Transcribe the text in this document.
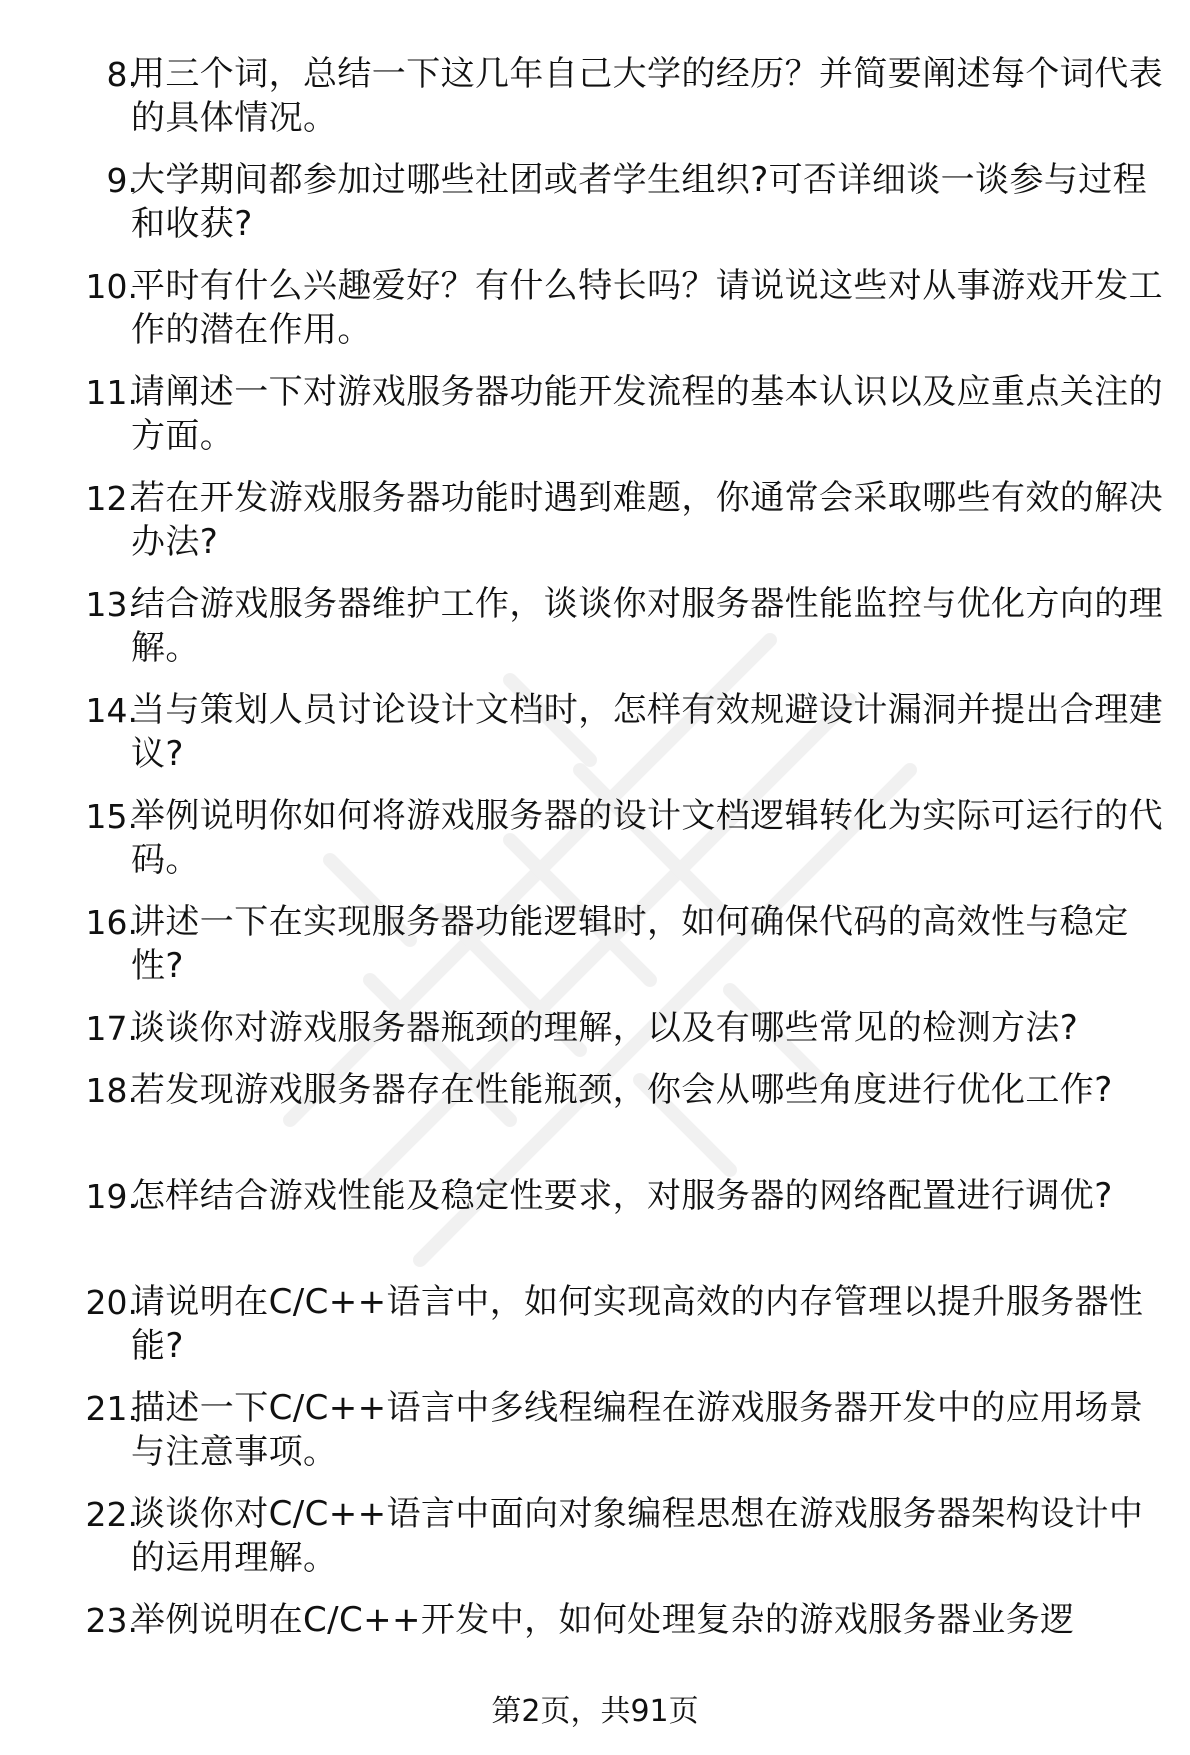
8.
用三个词，总结一下这几年自己大学的经历？并简要阐述每个词代表的具体情况。
9.
大学期间都参加过哪些社团或者学生组织?可否详细谈一谈参与过程和收获?
10.
平时有什么兴趣爱好？有什么特长吗？请说说这些对从事游戏开发工作的潜在作用。
11.
请阐述一下对游戏服务器功能开发流程的基本认识以及应重点关注的方面。
12.
若在开发游戏服务器功能时遇到难题，你通常会采取哪些有效的解决办法?
13.
结合游戏服务器维护工作，谈谈你对服务器性能监控与优化方向的理解。
14.
当与策划人员讨论设计文档时，怎样有效规避设计漏洞并提出合理建议?
15.
举例说明你如何将游戏服务器的设计文档逻辑转化为实际可运行的代码。
16.
讲述一下在实现服务器功能逻辑时，如何确保代码的高效性与稳定性?
17.
谈谈你对游戏服务器瓶颈的理解，以及有哪些常见的检测方法?
18.
若发现游戏服务器存在性能瓶颈，你会从哪些角度进行优化工作?
19.
怎样结合游戏性能及稳定性要求，对服务器的网络配置进行调优?
20.
请说明在C/C++语言中，如何实现高效的内存管理以提升服务器性能?
21.
描述一下C/C++语言中多线程编程在游戏服务器开发中的应用场景与注意事项。
22.
谈谈你对C/C++语言中面向对象编程思想在游戏服务器架构设计中的运用理解。
23.
举例说明在C/C++开发中，如何处理复杂的游戏服务器业务逻
第2页，共91页
